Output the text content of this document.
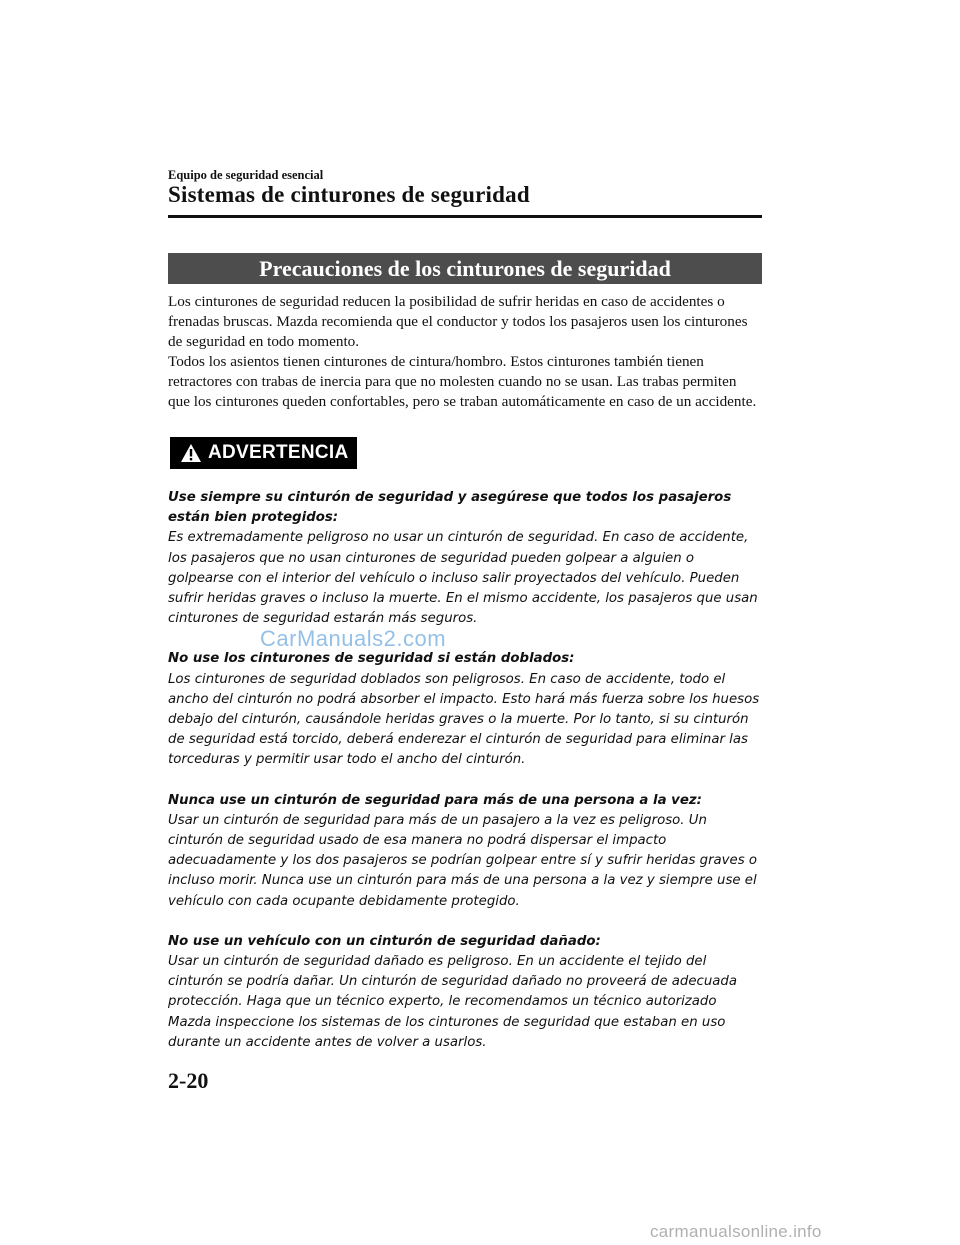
Equipo de seguridad esencial
Sistemas de cinturones de seguridad
Precauciones de los cinturones de seguridad

Los cinturones de seguridad reducen la posibilidad de sufrir heridas en caso de accidentes o frenadas bruscas. Mazda recomienda que el conductor y todos los pasajeros usen los cinturones de seguridad en todo momento.

Todos los asientos tienen cinturones de cintura/hombro. Estos cinturones también tienen retractores con trabas de inercia para que no molesten cuando no se usan. Las trabas permiten que los cinturones queden confortables, pero se traban automáticamente en caso de un accidente.

ADVERTENCIA

Use siempre su cinturón de seguridad y asegúrese que todos los pasajeros están bien protegidos:

Es extremadamente peligroso no usar un cinturón de seguridad. En caso de accidente, los pasajeros que no usan cinturones de seguridad pueden golpear a alguien o golpearse con el interior del vehículo o incluso salir proyectados del vehículo. Pueden sufrir heridas graves o incluso la muerte. En el mismo accidente, los pasajeros que usan cinturones de seguridad estarán más seguros.

No use los cinturones de seguridad si están doblados:

Los cinturones de seguridad doblados son peligrosos. En caso de accidente, todo el ancho del cinturón no podrá absorber el impacto. Esto hará más fuerza sobre los huesos debajo del cinturón, causándole heridas graves o la muerte. Por lo tanto, si su cinturón de seguridad está torcido, deberá enderezar el cinturón de seguridad para eliminar las torceduras y permitir usar todo el ancho del cinturón.

Nunca use un cinturón de seguridad para más de una persona a la vez:

Usar un cinturón de seguridad para más de un pasajero a la vez es peligroso. Un cinturón de seguridad usado de esa manera no podrá dispersar el impacto adecuadamente y los dos pasajeros se podrían golpear entre sí y sufrir heridas graves o incluso morir. Nunca use un cinturón para más de una persona a la vez y siempre use el vehículo con cada ocupante debidamente protegido.

No use un vehículo con un cinturón de seguridad dañado:

Usar un cinturón de seguridad dañado es peligroso. En un accidente el tejido del cinturón se podría dañar. Un cinturón de seguridad dañado no proveerá de adecuada protección. Haga que un técnico experto, le recomendamos un técnico autorizado Mazda inspeccione los sistemas de los cinturones de seguridad que estaban en uso durante un accidente antes de volver a usarlos.

2-20
CarManuals2.com
carmanualsonline.info
